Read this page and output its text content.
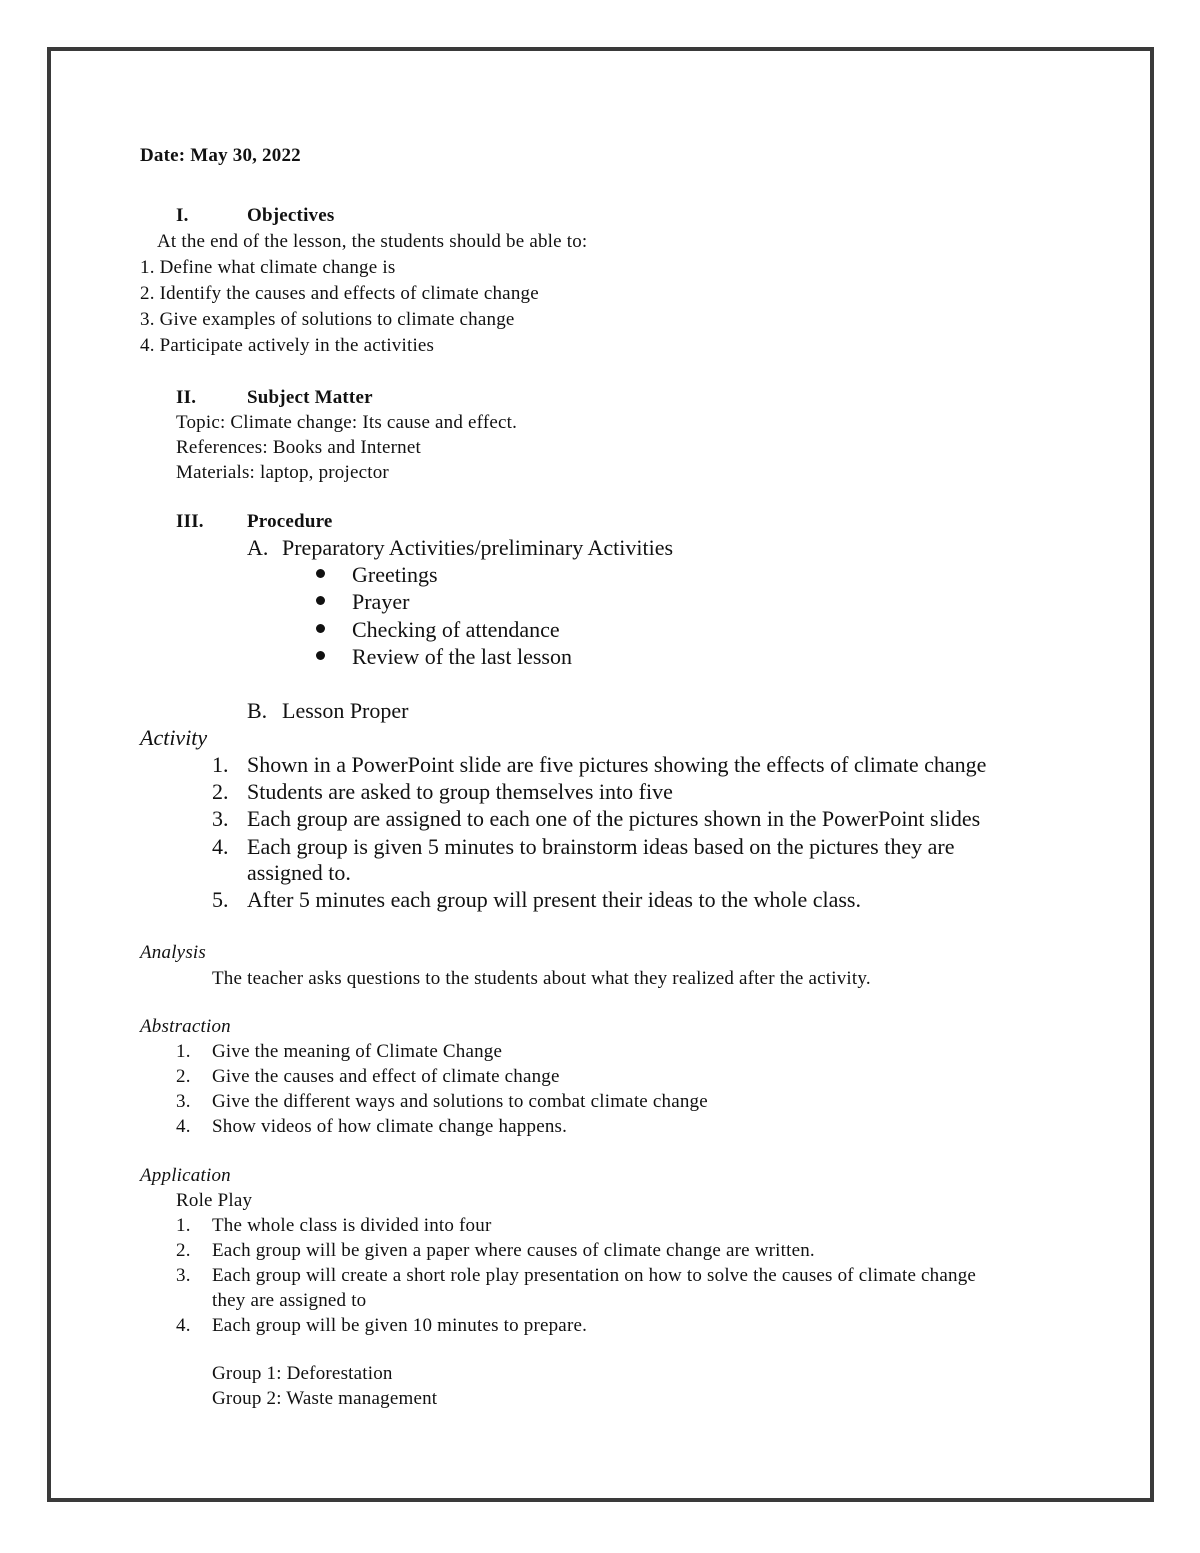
Date: May 30, 2022
I.	Objectives
At the end of the lesson, the students should be able to:
1. Define what climate change is
2. Identify the causes and effects of climate change
3. Give examples of solutions to climate change
4. Participate actively in the activities
II.	Subject Matter
Topic: Climate change: Its cause and effect.
References: Books and Internet
Materials: laptop, projector
III. Procedure
A. Preparatory Activities/preliminary Activities
Greetings
Prayer
Checking of attendance
Review of the last lesson
B. Lesson Proper
Activity
1. Shown in a PowerPoint slide are five pictures showing the effects of climate change
2. Students are asked to group themselves into five
3. Each group are assigned to each one of the pictures shown in the PowerPoint slides
4. Each group is given 5 minutes to brainstorm ideas based on the pictures they are
assigned to.
5. After 5 minutes each group will present their ideas to the whole class.
Analysis
The teacher asks questions to the students about what they realized after the activity.
Abstraction
1. Give the meaning of Climate Change
2. Give the causes and effect of climate change
3. Give the different ways and solutions to combat climate change
4. Show videos of how climate change happens.
Application
Role Play
1. The whole class is divided into four
2. Each group will be given a paper where causes of climate change are written.
3. Each group will create a short role play presentation on how to solve the causes of climate change
they are assigned to
4. Each group will be given 10 minutes to prepare.
Group 1: Deforestation
Group 2: Waste management
